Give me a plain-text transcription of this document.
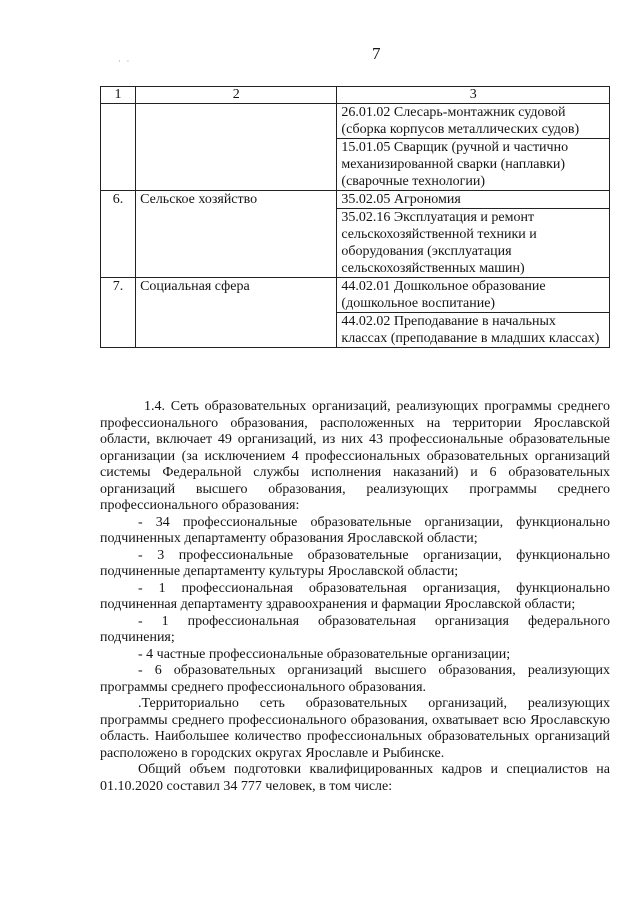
7
· ·
1	2	3
		26.01.02 Слесарь-монтажник судовой (сборка корпусов металлических судов)
		15.01.05 Сварщик (ручной и частично механизированной сварки (наплавки) (сварочные технологии)
6.	Сельское хозяйство	35.02.05 Агрономия
		35.02.16 Эксплуатация и ремонт сельскохозяйственной техники и оборудования (эксплуатация сельскохозяйственных машин)
7.	Социальная сфера	44.02.01 Дошкольное образование (дошкольное воспитание)
		44.02.02 Преподавание в начальных классах (преподавание в младших классах)

1.4. Сеть образовательных организаций, реализующих программы среднего профессионального образования, расположенных на территории Ярославской области, включает 49 организаций, из них 43 профессиональные образовательные организации (за исключением 4 профессиональных образовательных организаций системы Федеральной службы исполнения наказаний) и 6 образовательных организаций высшего образования, реализующих программы среднего профессионального образования:

- 34 профессиональные образовательные организации, функционально подчиненных департаменту образования Ярославской области;

- 3 профессиональные образовательные организации, функционально подчиненные департаменту культуры Ярославской области;

- 1 профессиональная образовательная организация, функционально подчиненная департаменту здравоохранения и фармации Ярославской области;

- 1 профессиональная образовательная организация федерального подчинения;

- 4 частные профессиональные образовательные организации;

- 6 образовательных организаций высшего образования, реализующих программы среднего профессионального образования.

.Территориально сеть образовательных организаций, реализующих программы среднего профессионального образования, охватывает всю Ярославскую область. Наибольшее количество профессиональных образовательных организаций расположено в городских округах Ярославле и Рыбинске.

Общий объем подготовки квалифицированных кадров и специалистов на 01.10.2020 составил 34 777 человек, в том числе:
